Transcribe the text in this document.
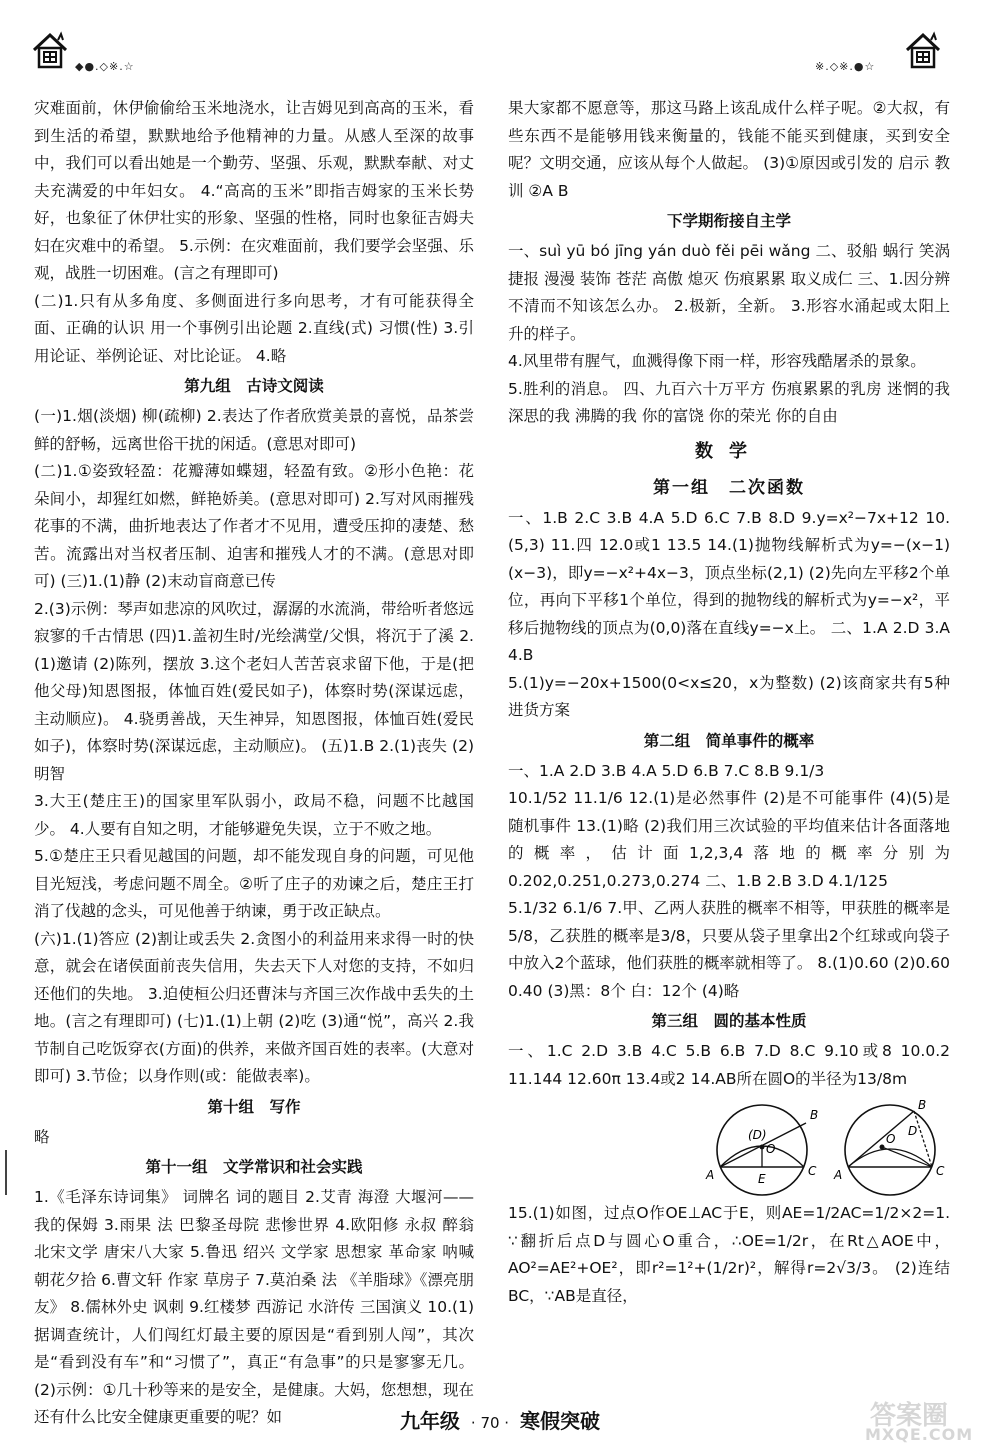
◆●.◇※.☆	※.◇※.●☆

灾难面前，休伊偷偷给玉米地浇水，让吉姆见到高高的玉米，看到生活的希望，默默地给予他精神的力量。从感人至深的故事中，我们可以看出她是一个勤劳、坚强、乐观，默默奉献、对丈夫充满爱的中年妇女。 4.“高高的玉米”即指吉姆家的玉米长势好，也象征了休伊壮实的形象、坚强的性格，同时也象征吉姆夫妇在灾难中的希望。 5.示例：在灾难面前，我们要学会坚强、乐观，战胜一切困难。(言之有理即可)

(二)1.只有从多角度、多侧面进行多向思考，才有可能获得全面、正确的认识 用一个事例引出论题 2.直线(式) 习惯(性) 3.引用论证、举例论证、对比论证。 4.略

第九组　古诗文阅读

(一)1.烟(淡烟) 柳(疏柳) 2.表达了作者欣赏美景的喜悦，品茶尝鲜的舒畅，远离世俗干扰的闲适。(意思对即可)

(二)1.①姿致轻盈：花瓣薄如蝶翅，轻盈有致。②形小色艳：花朵间小，却猩红如燃，鲜艳娇美。(意思对即可) 2.写对风雨摧残花事的不满，曲折地表达了作者才不见用，遭受压抑的凄楚、愁苦。流露出对当权者压制、迫害和摧残人才的不满。(意思对即可) (三)1.(1)静 (2)末动盲商意已传

2.(3)示例：琴声如悲凉的风吹过，潺潺的水流淌，带给听者悠远寂寥的千古情思 (四)1.盖初生时/光绘满堂/父惧，将沉于了溪 2.(1)邀请 (2)陈列，摆放 3.这个老妇人苦苦哀求留下他，于是(把他父母)知恩图报，体恤百姓(爱民如子)，体察时势(深谋远虑，主动顺应)。 4.骁勇善战，天生神异，知恩图报，体恤百姓(爱民如子)，体察时势(深谋远虑，主动顺应)。 (五)1.B 2.(1)丧失 (2)明智

3.大王(楚庄王)的国家里军队弱小，政局不稳，问题不比越国少。 4.人要有自知之明，才能够避免失误，立于不败之地。

5.①楚庄王只看见越国的问题，却不能发现自身的问题，可见他目光短浅，考虑问题不周全。②听了庄子的劝谏之后，楚庄王打消了伐越的念头，可见他善于纳谏，勇于改正缺点。

(六)1.(1)答应 (2)割让或丢失 2.贪图小的利益用来求得一时的快意，就会在诸侯面前丧失信用，失去天下人对您的支持，不如归还他们的失地。 3.迫使桓公归还曹沫与齐国三次作战中丢失的土地。(言之有理即可) (七)1.(1)上朝 (2)吃 (3)通“悦”，高兴 2.我节制自己吃饭穿衣(方面)的供养，来做齐国百姓的表率。(大意对即可) 3.节俭；以身作则(或：能做表率)。

第十组　写作

略

第十一组　文学常识和社会实践

1.《毛泽东诗词集》 词牌名 词的题目 2.艾青 海澄 大堰河——我的保姆 3.雨果 法 巴黎圣母院 悲惨世界 4.欧阳修 永叔 醉翁 北宋文学 唐宋八大家 5.鲁迅 绍兴 文学家 思想家 革命家 呐喊 朝花夕拾 6.曹文轩 作家 草房子 7.莫泊桑 法 《羊脂球》《漂亮朋友》 8.儒林外史 讽刺 9.红楼梦 西游记 水浒传 三国演义 10.(1)据调查统计，人们闯红灯最主要的原因是“看到别人闯”，其次是“看到没有车”和“习惯了”，真正“有急事”的只是寥寥无几。 (2)示例：①几十秒等来的是安全，是健康。大妈，您想想，现在还有什么比安全健康更重要的呢？如

果大家都不愿意等，那这马路上该乱成什么样子呢。②大叔，有些东西不是能够用钱来衡量的，钱能不能买到健康，买到安全呢？文明交通，应该从每个人做起。 (3)①原因或引发的 启示 教训 ②A B

下学期衔接自主学

一、suì yū bó jīng yán duò fěi pēi wǎng 二、驳船 蜗行 笑涡 捷报 漫漫 装饰 苍茫 高傲 熄灭 伤痕累累 取义成仁 三、1.因分辨不清而不知该怎么办。 2.极新，全新。 3.形容水涌起或太阳上升的样子。

4.风里带有腥气，血溅得像下雨一样，形容残酷屠杀的景象。

5.胜利的消息。 四、九百六十万平方 伤痕累累的乳房 迷惘的我 深思的我 沸腾的我 你的富饶 你的荣光 你的自由

数学
第一组　二次函数

一、1.B 2.C 3.B 4.A 5.D 6.C 7.B 8.D 9.y=x²−7x+12 10.(5,3) 11.四 12.0或1 13.5 14.(1)抛物线解析式为y=−(x−1)(x−3)，即y=−x²+4x−3，顶点坐标(2,1) (2)先向左平移2个单位，再向下平移1个单位，得到的抛物线的解析式为y=−x²，平移后抛物线的顶点为(0,0)落在直线y=−x上。 二、1.A 2.D 3.A 4.B

5.(1)y=−20x+1500(0<x≤20，x为整数) (2)该商家共有5种进货方案

第二组　简单事件的概率

一、1.A 2.D 3.B 4.A 5.D 6.B 7.C 8.B 9.1/3

10.1/52 11.1/6 12.(1)是必然事件 (2)是不可能事件 (4)(5)是随机事件 13.(1)略 (2)我们用三次试验的平均值来估计各面落地的概率，估计面1,2,3,4落地的概率分别为0.202,0.251,0.273,0.274 二、1.B 2.B 3.D 4.1/125

5.1/32 6.1/6 7.甲、乙两人获胜的概率不相等，甲获胜的概率是5/8，乙获胜的概率是3/8，只要从袋子里拿出2个红球或向袋子中放入2个蓝球，他们获胜的概率就相等了。 8.(1)0.60 (2)0.60 0.40 (3)黑：8个 白：12个 (4)略

第三组　圆的基本性质

一、1.C 2.D 3.B 4.C 5.B 6.B 7.D 8.C 9.10或8 10.0.2 11.144 12.60π 13.4或2 14.AB所在圆O的半径为13/8m

B
A	C
(D)
O
E
B
A	C
D
O

15.(1)如图，过点O作OE⊥AC于E，则AE=1/2AC=1/2×2=1. ∵翻折后点D与圆心O重合，∴OE=1/2r，在Rt△AOE中，AO²=AE²+OE²，即r²=1²+(1/2r)²，解得r=2√3/3。 (2)连结BC，∵AB是直径，

九年级 · 70 · 寒假突破	答案圈
MXQE.COM
